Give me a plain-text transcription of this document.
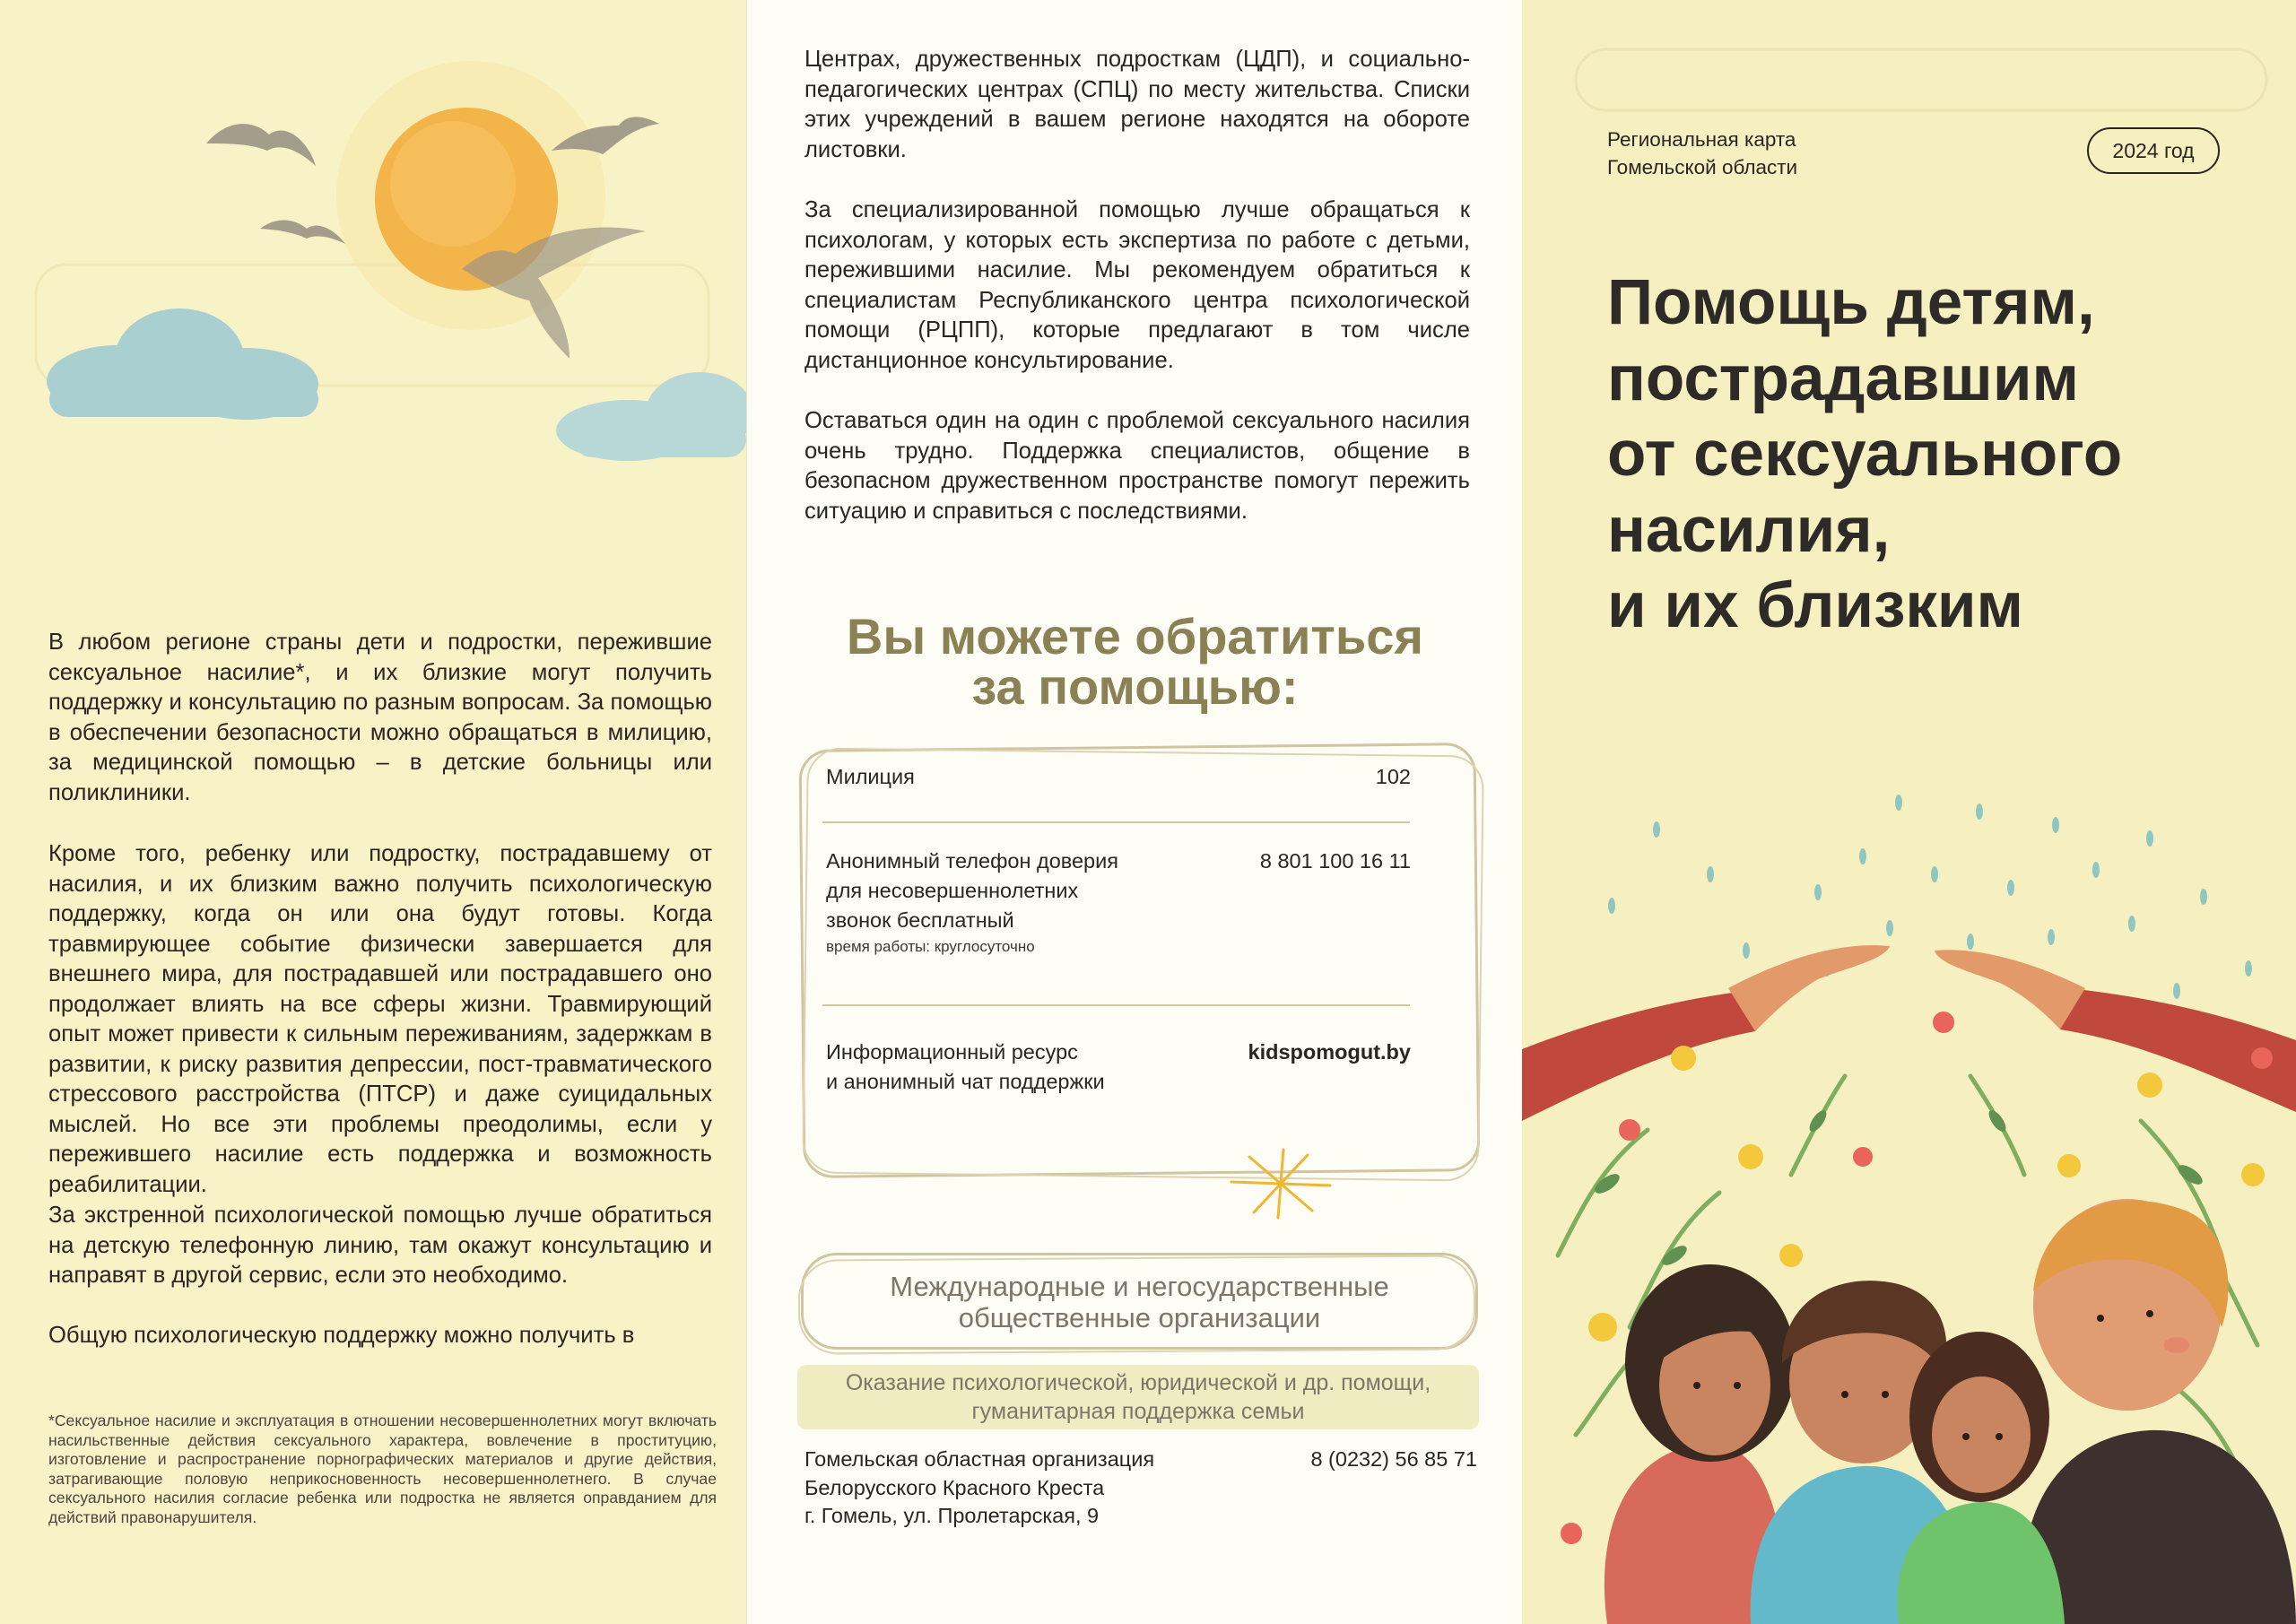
В любом регионе страны дети и подростки, пережившие сексуальное насилие*, и их близкие могут получить поддержку и консультацию по разным вопросам. За помощью в обеспечении безопасности можно обращаться в милицию, за медицинской помощью – в детские больницы или поликлиники.

Кроме того, ребенку или подростку, пострадавшему от насилия, и их близким важно получить психологическую поддержку, когда он или она будут готовы. Когда травмирующее событие физически завершается для внешнего мира, для пострадавшей или пострадавшего оно продолжает влиять на все сферы жизни. Травмирующий опыт может привести к сильным переживаниям, задержкам в развитии, к риску развития депрессии, пост-травматического стрессового расстройства (ПТСР) и даже суицидальных мыслей. Но все эти проблемы преодолимы, если у пережившего насилие есть поддержка и возможность реабилитации.

За экстренной психологической помощью лучше обратиться на детскую телефонную линию, там окажут консультацию и направят в другой сервис, если это необходимо.

Общую психологическую поддержку можно получить в

*Сексуальное насилие и эксплуатация в отношении несовершеннолетних могут включать насильственные действия сексуального характера, вовлечение в проституцию, изготовление и распространение порнографических материалов и другие действия, затрагивающие половую неприкосновенность несовершеннолетнего. В случае сексуального насилия согласие ребенка или подростка не является оправданием для действий правонарушителя.

Центрах, дружественных подросткам (ЦДП), и социально-педагогических центрах (СПЦ) по месту жительства. Списки этих учреждений в вашем регионе находятся на обороте листовки.

За специализированной помощью лучше обращаться к психологам, у которых есть экспертиза по работе с детьми, пережившими насилие. Мы рекомендуем обратиться к специалистам Республиканского центра психологической помощи (РЦПП), которые предлагают в том числе дистанционное консультирование.

Оставаться один на один с проблемой сексуального насилия очень трудно. Поддержка специалистов, общение в безопасном дружественном пространстве помогут пережить ситуацию и справиться с последствиями.

Вы можете обратиться
за помощью:
Милиция	102
Анонимный телефон доверия
для несовершеннолетних
звонок бесплатный
время работы: круглосуточно
8 801 100 16 11
Информационный ресурс
и анонимный чат поддержки
kidspomogut.by
Международные и негосударственные
общественные организации
Оказание психологической, юридической и др. помощи,
гуманитарная поддержка семьи
Гомельская областная организация
Белорусского Красного Креста
г. Гомель, ул. Пролетарская, 9
8 (0232) 56 85 71
Региональная карта
Гомельской области
2024 год
Помощь детям,
пострадавшим
от сексуального
насилия,
и их близким
